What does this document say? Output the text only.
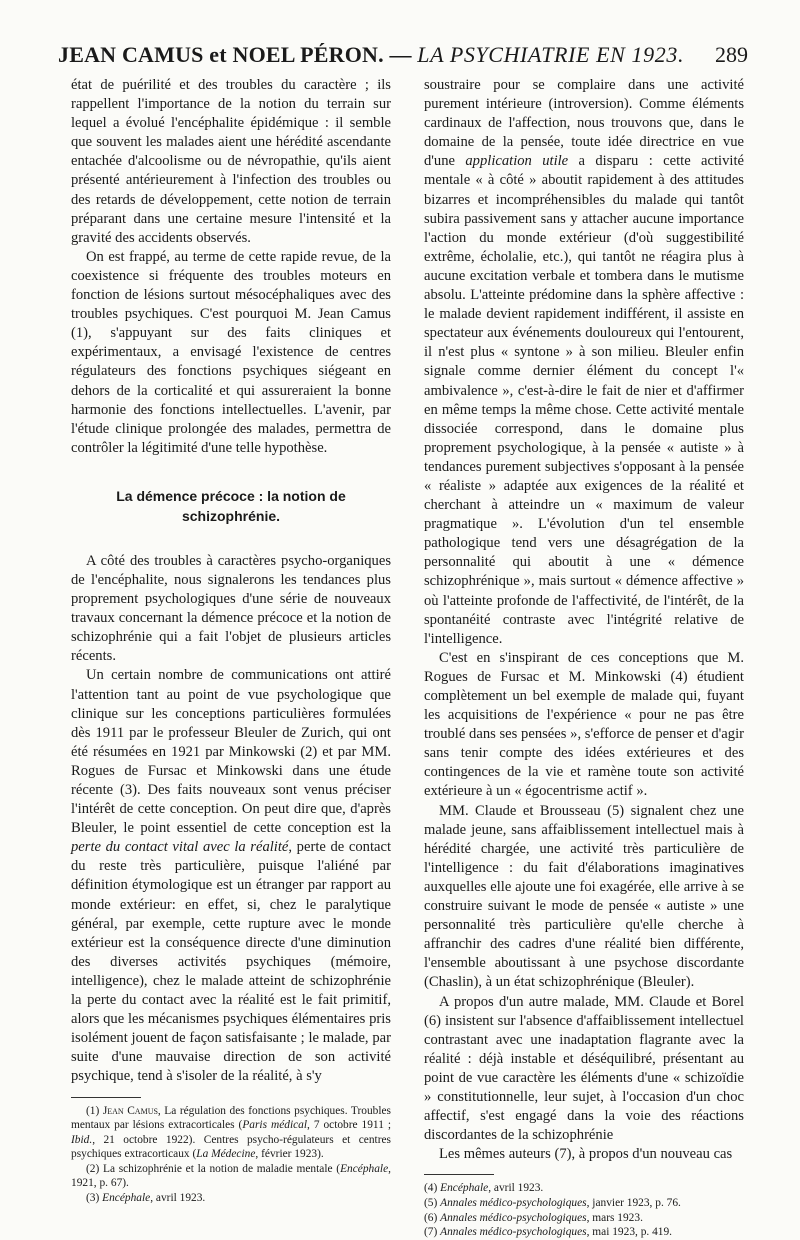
JEAN CAMUS et NOEL PÉRON. — LA PSYCHIATRIE EN 1923. 289

état de puérilité et des troubles du caractère ; ils rappellent l'importance de la notion du terrain sur lequel a évolué l'encéphalite épidémique : il semble que souvent les malades aient une hérédité ascendante entachée d'alcoolisme ou de névropathie, qu'ils aient présenté antérieurement à l'infection des troubles ou des retards de développement, cette notion de terrain préparant dans une certaine mesure l'intensité et la gravité des accidents observés.

On est frappé, au terme de cette rapide revue, de la coexistence si fréquente des troubles moteurs en fonction de lésions surtout mésocéphaliques avec des troubles psychiques. C'est pourquoi M. Jean Camus (1), s'appuyant sur des faits cliniques et expérimentaux, a envisagé l'existence de centres régulateurs des fonctions psychiques siégeant en dehors de la corticalité et qui assureraient la bonne harmonie des fonctions intellectuelles. L'avenir, par l'étude clinique prolongée des malades, permettra de contrôler la légitimité d'une telle hypothèse.

La démence précoce : la notion de schizophrénie.

A côté des troubles à caractères psycho-organiques de l'encéphalite, nous signalerons les tendances plus proprement psychologiques d'une série de nouveaux travaux concernant la démence précoce et la notion de schizophrénie qui a fait l'objet de plusieurs articles récents.

Un certain nombre de communications ont attiré l'attention tant au point de vue psychologique que clinique sur les conceptions particulières formulées dès 1911 par le professeur Bleuler de Zurich, qui ont été résumées en 1921 par Minkowski (2) et par MM. Rogues de Fursac et Minkowski dans une étude récente (3). Des faits nouveaux sont venus préciser l'intérêt de cette conception. On peut dire que, d'après Bleuler, le point essentiel de cette conception est la perte du contact vital avec la réalité, perte de contact du reste très particulière, puisque l'aliéné par définition étymologique est un étranger par rapport au monde extérieur: en effet, si, chez le paralytique général, par exemple, cette rupture avec le monde extérieur est la conséquence directe d'une diminution des diverses activités psychiques (mémoire, intelligence), chez le malade atteint de schizophrénie la perte du contact avec la réalité est le fait primitif, alors que les mécanismes psychiques élémentaires pris isolément jouent de façon satisfaisante ; le malade, par suite d'une mauvaise direction de son activité psychique, tend à s'isoler de la réalité, à s'y

(1) Jean Camus, La régulation des fonctions psychiques. Troubles mentaux par lésions extracorticales (Paris médical, 7 octobre 1911 ; Ibid., 21 octobre 1922). Centres psycho-régulateurs et centres psychiques extracorticaux (La Médecine, février 1923).

(2) La schizophrénie et la notion de maladie mentale (Encéphale, 1921, p. 67).

(3) Encéphale, avril 1923.

soustraire pour se complaire dans une activité purement intérieure (introversion). Comme éléments cardinaux de l'affection, nous trouvons que, dans le domaine de la pensée, toute idée directrice en vue d'une application utile a disparu : cette activité mentale « à côté » aboutit rapidement à des attitudes bizarres et incompréhensibles du malade qui tantôt subira passivement sans y attacher aucune importance l'action du monde extérieur (d'où suggestibilité extrême, écholalie, etc.), qui tantôt ne réagira plus à aucune excitation verbale et tombera dans le mutisme absolu. L'atteinte prédomine dans la sphère affective : le malade devient rapidement indifférent, il assiste en spectateur aux événements douloureux qui l'entourent, il n'est plus « syntone » à son milieu. Bleuler enfin signale comme dernier élément du concept l'« ambivalence », c'est-à-dire le fait de nier et d'affirmer en même temps la même chose. Cette activité mentale dissociée correspond, dans le domaine plus proprement psychologique, à la pensée « autiste » à tendances purement subjectives s'opposant à la pensée « réaliste » adaptée aux exigences de la réalité et cherchant à atteindre un « maximum de valeur pragmatique ». L'évolution d'un tel ensemble pathologique tend vers une désagrégation de la personnalité qui aboutit à une « démence schizophrénique », mais surtout « démence affective » où l'atteinte profonde de l'affectivité, de l'intérêt, de la spontanéité contraste avec l'intégrité relative de l'intelligence.

C'est en s'inspirant de ces conceptions que M. Rogues de Fursac et M. Minkowski (4) étudient complètement un bel exemple de malade qui, fuyant les acquisitions de l'expérience « pour ne pas être troublé dans ses pensées », s'efforce de penser et d'agir sans tenir compte des idées extérieures et des contingences de la vie et ramène toute son activité extérieure à un « égocentrisme actif ».

MM. Claude et Brousseau (5) signalent chez une malade jeune, sans affaiblissement intellectuel mais à hérédité chargée, une activité très particulière de l'intelligence : du fait d'élaborations imaginatives auxquelles elle ajoute une foi exagérée, elle arrive à se construire suivant le mode de pensée « autiste » une personnalité très particulière qu'elle cherche à affranchir des cadres d'une réalité bien différente, l'ensemble aboutissant à une psychose discordante (Chaslin), à un état schizophrénique (Bleuler).

A propos d'un autre malade, MM. Claude et Borel (6) insistent sur l'absence d'affaiblissement intellectuel contrastant avec une inadaptation flagrante avec la réalité : déjà instable et déséquilibré, présentant au point de vue caractère les éléments d'une « schizoïdie » constitutionnelle, leur sujet, à l'occasion d'un choc affectif, s'est engagé dans la voie des réactions discordantes de la schizophrénie

Les mêmes auteurs (7), à propos d'un nouveau cas

(4) Encéphale, avril 1923.

(5) Annales médico-psychologiques, janvier 1923, p. 76.

(6) Annales médico-psychologiques, mars 1923.

(7) Annales médico-psychologiques, mai 1923, p. 419.
